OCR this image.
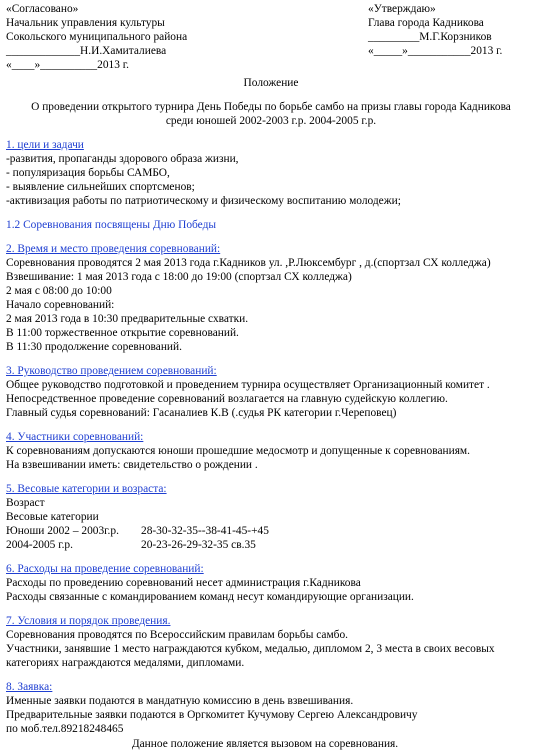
«Согласовано»
Начальник управления культуры
Сокольского муниципального района
_____________Н.И.Хамиталиева
«____»__________2013 г.
«Утверждаю»
Глава города Кадникова
_________М.Г.Корзников
«_____»___________2013 г.
Положение
О проведении открытого турнира День Победы по борьбе самбо на призы главы города Кадникова
среди юношей 2002-2003 г.р. 2004-2005 г.р.
1. цели и задачи
-развития, пропаганды здорового образа жизни,
- популяризация борьбы САМБО,
- выявление сильнейших спортсменов;
-активизация работы по патриотическому и физическому воспитанию молодежи;
1.2 Соревнования посвящены Дню Победы
2. Время и место проведения соревнований:
Соревнования проводятся 2 мая 2013 года г.Кадников ул. ,Р.Люксембург , д.(спортзал СХ колледжа)
Взвешивание: 1 мая 2013 года с 18:00 до 19:00 (спортзал СХ колледжа)
2 мая с 08:00 до 10:00
Начало соревнований:
2 мая 2013 года в 10:30 предварительные схватки.
В 11:00 торжественное открытие соревнований.
В 11:30 продолжение соревнований.
3. Руководство проведением соревнований:
Общее руководство подготовкой и проведением турнира осуществляет Организационный комитет .
Непосредственное проведение соревнований возлагается на главную судейскую коллегию.
Главный судья соревнований: Гасаналиев К.В (.судья РК категории г.Череповец)
4. Участники соревнований:
К соревнованиям допускаются юноши прошедшие медосмотр и допущенные к соревнованиям.
На взвешивании иметь: свидетельство о рождении .
5. Весовые категории и возраста:
Возраст
Весовые категории
Юноши 2002 – 2003г.р.	28-30-32-35--38-41-45-+45
2004-2005 г.р.	20-23-26-29-32-35 св.35
6. Расходы на проведение соревнований:
Расходы по проведению соревнований несет администрация г.Кадникова
Расходы связанные с командированием команд несут командирующие организации.
7. Условия и порядок проведения.
Соревнования проводятся по Всероссийским правилам борьбы самбо.
Участники, занявшие 1 место награждаются кубком, медалью, дипломом 2, 3 места в своих весовых
категориях награждаются медалями, дипломами.
8. Заявка:
Именные заявки подаются в мандатную комиссию в день взвешивания.
Предварительные заявки подаются в Оргкомитет Кучумову Сергею Александровичу
по моб.тел.89218248465
Данное положение является вызовом на соревнования.
